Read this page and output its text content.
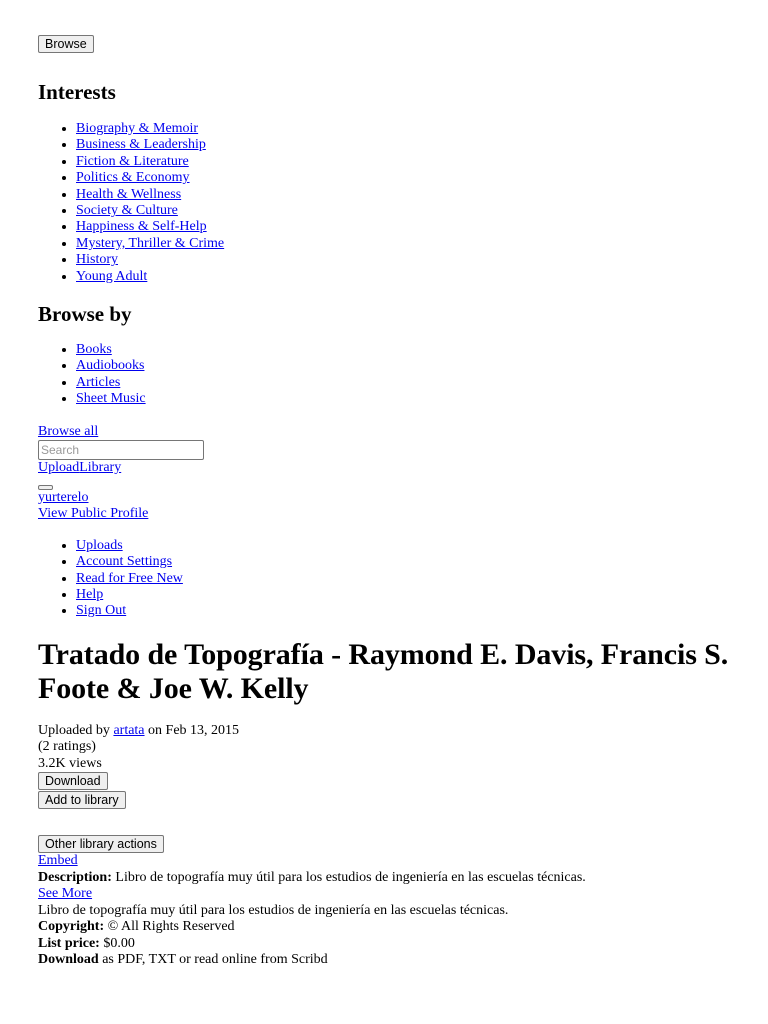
Browse
Interests
• Biography & Memoir
• Business & Leadership
• Fiction & Literature
• Politics & Economy
• Health & Wellness
• Society & Culture
• Happiness & Self-Help
• Mystery, Thriller & Crime
• History
• Young Adult
Browse by
• Books
• Audiobooks
• Articles
• Sheet Music
Browse all
Search
UploadLibrary
yurterelo
View Public Profile
• Uploads
• Account Settings
• Read for Free New
• Help
• Sign Out
Tratado de Topografía - Raymond E. Davis, Francis S. Foote & Joe W. Kelly
Uploaded by artata on Feb 13, 2015
(2 ratings)
3.2K views
Download
Add to library
Other library actions
Embed
Description: Libro de topografía muy útil para los estudios de ingeniería en las escuelas técnicas.
See More
Libro de topografía muy útil para los estudios de ingeniería en las escuelas técnicas.
Copyright: © All Rights Reserved
List price: $0.00
Download as PDF, TXT or read online from Scribd
